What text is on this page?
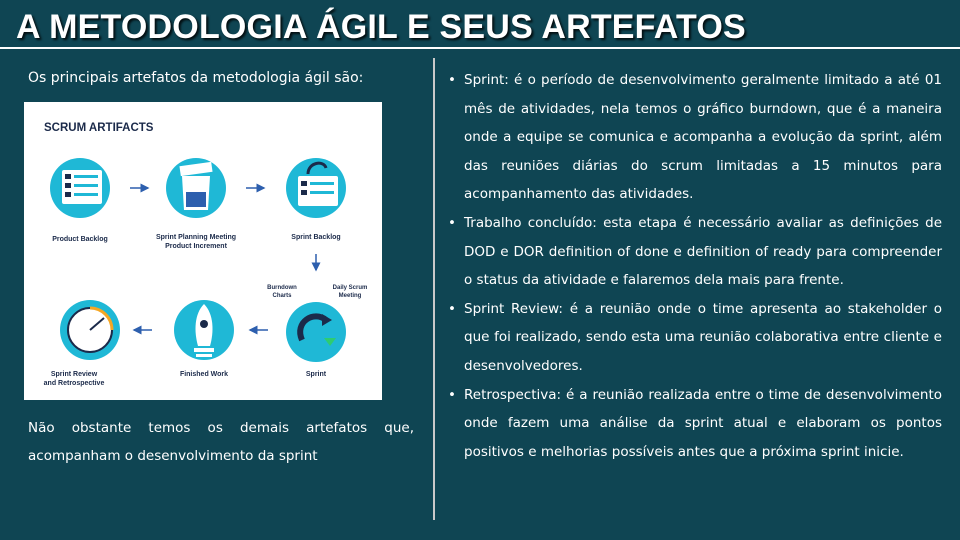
A METODOLOGIA ÁGIL E SEUS ARTEFATOS
Os principais artefatos da metodologia ágil são:
SCRUM ARTIFACTS
Product Backlog	Sprint Planning Meeting
Product Increment
Sprint Backlog
Burndown
Charts
Daily Scrum
Meeting
Sprint
Finished Work
Sprint Review
and Retrospective
Não obstante temos os demais artefatos que, acompanham o desenvolvimento da sprint
• Sprint: é o período de desenvolvimento geralmente limitado a até 01 mês de atividades, nela temos o gráfico burndown, que é a maneira onde a equipe se comunica e acompanha a evolução da sprint, além das reuniões diárias do scrum limitadas a 15 minutos para acompanhamento das atividades.
• Trabalho concluído: esta etapa é necessário avaliar as definições de DOD e DOR definition of done e definition of ready para compreender o status da atividade e falaremos dela mais para frente.
• Sprint Review: é a reunião onde o time apresenta ao stakeholder o que foi realizado, sendo esta uma reunião colaborativa entre cliente e desenvolvedores.
• Retrospectiva: é a reunião realizada entre o time de desenvolvimento onde fazem uma análise da sprint atual e elaboram os pontos positivos e melhorias possíveis antes que a próxima sprint inicie.
